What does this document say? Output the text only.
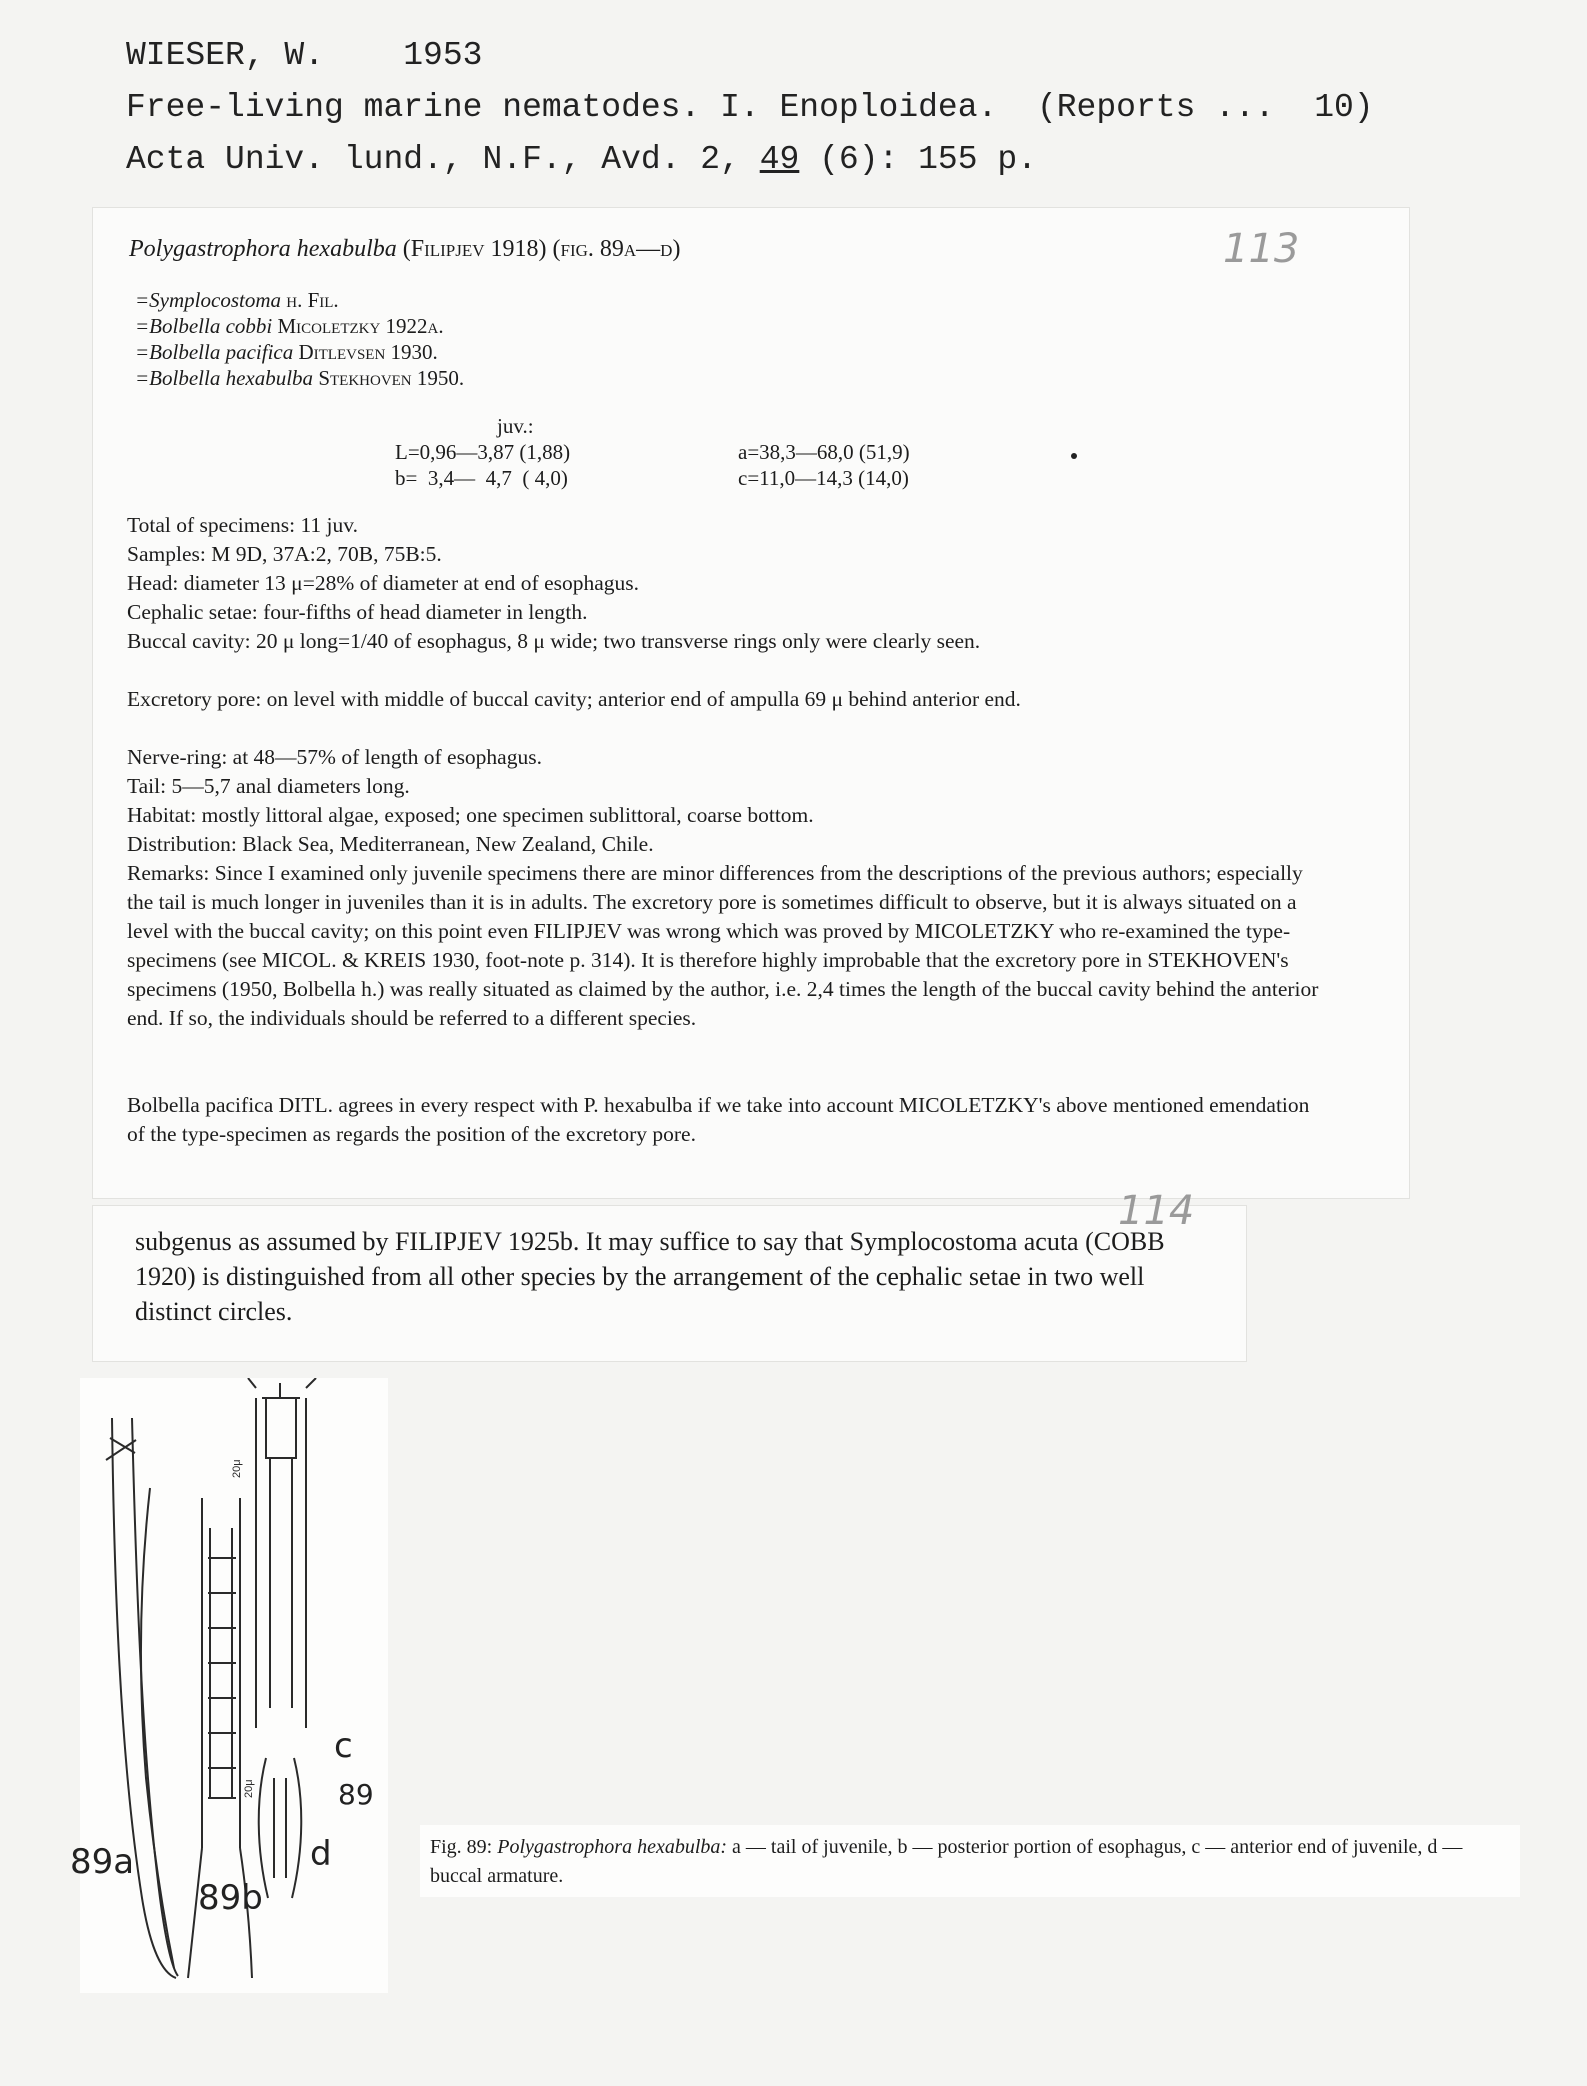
WIESER, W.    1953
Free-living marine nematodes. I. Enoploidea.  (Reports ...  10)
Acta Univ. lund., N.F., Avd. 2, 49 (6): 155 p.
113
Polygastrophora hexabulba (Filipjev 1918) (fig. 89a—d)
=Symplocostoma h. Fil.
=Bolbella cobbi Micoletzky 1922a.
=Bolbella pacifica Ditlevsen 1930.
=Bolbella hexabulba Stekhoven 1950.
juv.:
L=0,96—3,87 (1,88)
b=  3,4—  4,7  ( 4,0)
a=38,3—68,0 (51,9)
c=11,0—14,3 (14,0)
Total of specimens: 11 juv.
Samples: M 9D, 37A:2, 70B, 75B:5.
Head: diameter 13 μ=28% of diameter at end of esophagus.
Cephalic setae: four-fifths of head diameter in length.
Buccal cavity: 20 μ long=1/40 of esophagus, 8 μ wide; two transverse rings only were clearly seen.
Excretory pore: on level with middle of buccal cavity; anterior end of ampulla 69 μ behind anterior end.
Nerve-ring: at 48—57% of length of esophagus.
Tail: 5—5,7 anal diameters long.
Habitat: mostly littoral algae, exposed; one specimen sublittoral, coarse bottom.
Distribution: Black Sea, Mediterranean, New Zealand, Chile.
Remarks: Since I examined only juvenile specimens there are minor differences from the descriptions of the previous authors; especially the tail is much longer in juveniles than it is in adults. The excretory pore is sometimes difficult to observe, but it is always situated on a level with the buccal cavity; on this point even FILIPJEV was wrong which was proved by MICOLETZKY who re-examined the type-specimens (see MICOL. & KREIS 1930, foot-note p. 314). It is therefore highly improbable that the excretory pore in STEKHOVEN's specimens (1950, Bolbella h.) was really situated as claimed by the author, i.e. 2,4 times the length of the buccal cavity behind the anterior end. If so, the individuals should be referred to a different species.
Bolbella pacifica DITL. agrees in every respect with P. hexabulba if we take into account MICOLETZKY's above mentioned emendation of the type-specimen as regards the position of the excretory pore.
114
subgenus as assumed by FILIPJEV 1925b. It may suffice to say that Symplocostoma acuta (COBB 1920) is distinguished from all other species by the arrangement of the cephalic setae in two well distinct circles.
20μ
20μ
89a
89b
c
89
d	Fig. 89: Polygastrophora hexabulba: a — tail of juvenile, b — posterior portion of esophagus, c — anterior end of juvenile, d — buccal armature.
